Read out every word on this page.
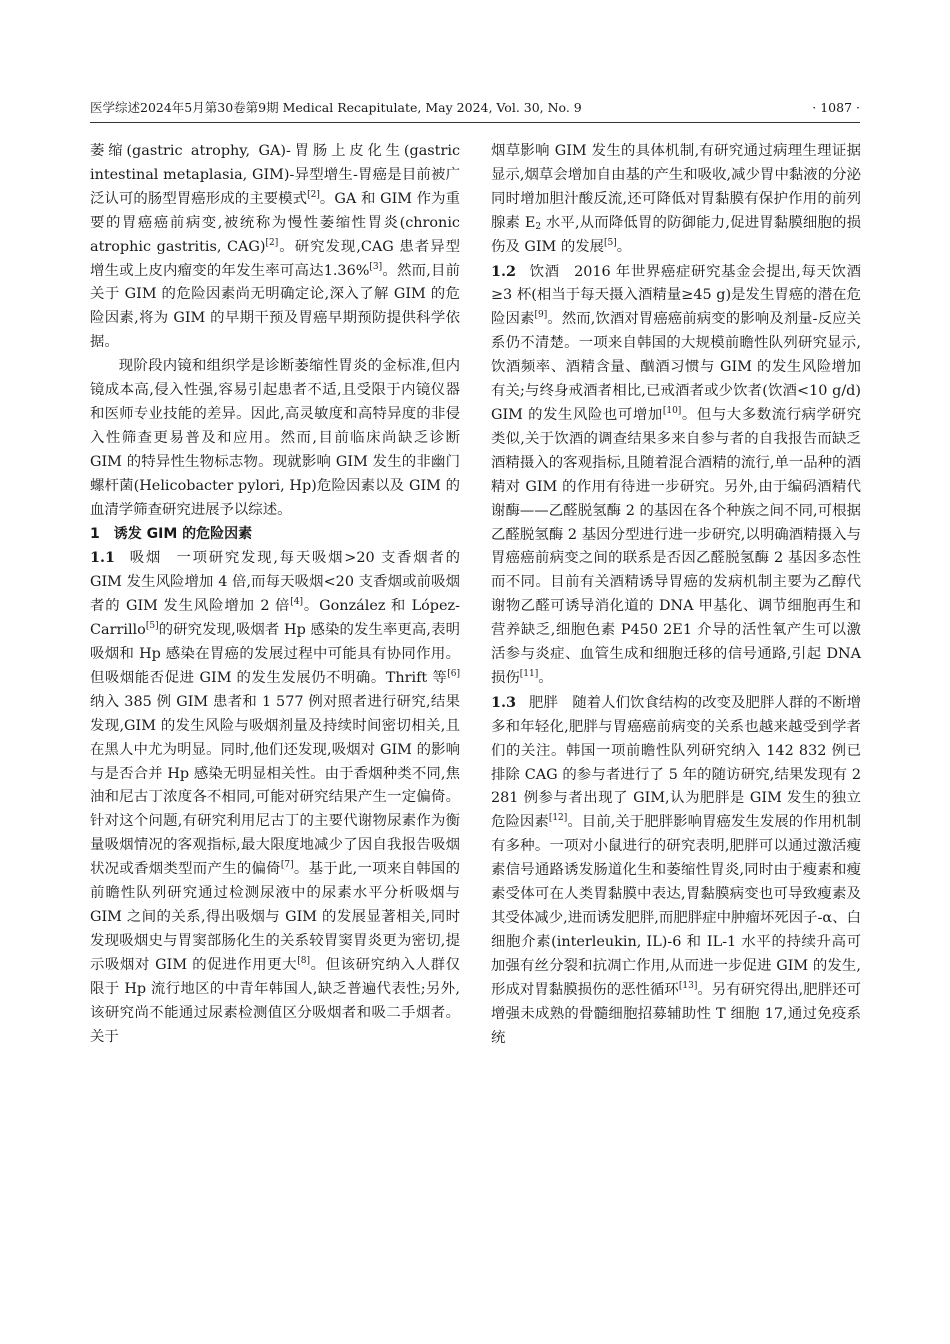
医学综述2024年5月第30卷第9期 Medical Recapitulate, May 2024, Vol. 30, No. 9	· 1087 ·

萎缩(gastric atrophy, GA)-胃肠上皮化生(gastric intestinal metaplasia, GIM)-异型增生-胃癌是目前被广泛认可的肠型胃癌形成的主要模式[2]。GA 和 GIM 作为重要的胃癌癌前病变,被统称为慢性萎缩性胃炎(chronic atrophic gastritis, CAG)[2]。研究发现,CAG 患者异型增生或上皮内瘤变的年发生率可高达1.36%[3]。然而,目前关于 GIM 的危险因素尚无明确定论,深入了解 GIM 的危险因素,将为 GIM 的早期干预及胃癌早期预防提供科学依据。

现阶段内镜和组织学是诊断萎缩性胃炎的金标准,但内镜成本高,侵入性强,容易引起患者不适,且受限于内镜仪器和医师专业技能的差异。因此,高灵敏度和高特异度的非侵入性筛查更易普及和应用。然而,目前临床尚缺乏诊断 GIM 的特异性生物标志物。现就影响 GIM 发生的非幽门螺杆菌(Helicobacter pylori, Hp)危险因素以及 GIM 的血清学筛查研究进展予以综述。

1　诱发 GIM 的危险因素

1.1 吸烟 一项研究发现,每天吸烟>20 支香烟者的 GIM 发生风险增加 4 倍,而每天吸烟<20 支香烟或前吸烟者的 GIM 发生风险增加 2 倍[4]。González 和 López-Carrillo[5]的研究发现,吸烟者 Hp 感染的发生率更高,表明吸烟和 Hp 感染在胃癌的发展过程中可能具有协同作用。但吸烟能否促进 GIM 的发生发展仍不明确。Thrift 等[6]纳入 385 例 GIM 患者和 1 577 例对照者进行研究,结果发现,GIM 的发生风险与吸烟剂量及持续时间密切相关,且在黑人中尤为明显。同时,他们还发现,吸烟对 GIM 的影响与是否合并 Hp 感染无明显相关性。由于香烟种类不同,焦油和尼古丁浓度各不相同,可能对研究结果产生一定偏倚。针对这个问题,有研究利用尼古丁的主要代谢物尿素作为衡量吸烟情况的客观指标,最大限度地减少了因自我报告吸烟状况或香烟类型而产生的偏倚[7]。基于此,一项来自韩国的前瞻性队列研究通过检测尿液中的尿素水平分析吸烟与 GIM 之间的关系,得出吸烟与 GIM 的发展显著相关,同时发现吸烟史与胃窦部肠化生的关系较胃窦胃炎更为密切,提示吸烟对 GIM 的促进作用更大[8]。但该研究纳入人群仅限于 Hp 流行地区的中青年韩国人,缺乏普遍代表性;另外,该研究尚不能通过尿素检测值区分吸烟者和吸二手烟者。关于

烟草影响 GIM 发生的具体机制,有研究通过病理生理证据显示,烟草会增加自由基的产生和吸收,减少胃中黏液的分泌同时增加胆汁酸反流,还可降低对胃黏膜有保护作用的前列腺素 $E_2$ 水平,从而降低胃的防御能力,促进胃黏膜细胞的损伤及 GIM 的发展[5]。

1.2 饮酒 2016 年世界癌症研究基金会提出,每天饮酒≥3 杯(相当于每天摄入酒精量≥45 g)是发生胃癌的潜在危险因素[9]。然而,饮酒对胃癌癌前病变的影响及剂量-反应关系仍不清楚。一项来自韩国的大规模前瞻性队列研究显示,饮酒频率、酒精含量、酗酒习惯与 GIM 的发生风险增加有关;与终身戒酒者相比,已戒酒者或少饮者(饮酒<10 g/d) GIM 的发生风险也可增加[10]。但与大多数流行病学研究类似,关于饮酒的调查结果多来自参与者的自我报告而缺乏酒精摄入的客观指标,且随着混合酒精的流行,单一品种的酒精对 GIM 的作用有待进一步研究。另外,由于编码酒精代谢酶——乙醛脱氢酶 2 的基因在各个种族之间不同,可根据乙醛脱氢酶 2 基因分型进行进一步研究,以明确酒精摄入与胃癌癌前病变之间的联系是否因乙醛脱氢酶 2 基因多态性而不同。目前有关酒精诱导胃癌的发病机制主要为乙醇代谢物乙醛可诱导消化道的 DNA 甲基化、调节细胞再生和营养缺乏,细胞色素 P450 2E1 介导的活性氧产生可以激活参与炎症、血管生成和细胞迁移的信号通路,引起 DNA 损伤[11]。

1.3 肥胖 随着人们饮食结构的改变及肥胖人群的不断增多和年轻化,肥胖与胃癌癌前病变的关系也越来越受到学者们的关注。韩国一项前瞻性队列研究纳入 142 832 例已排除 CAG 的参与者进行了 5 年的随访研究,结果发现有 2 281 例参与者出现了 GIM,认为肥胖是 GIM 发生的独立危险因素[12]。目前,关于肥胖影响胃癌发生发展的作用机制有多种。一项对小鼠进行的研究表明,肥胖可以通过激活瘦素信号通路诱发肠道化生和萎缩性胃炎,同时由于瘦素和瘦素受体可在人类胃黏膜中表达,胃黏膜病变也可导致瘦素及其受体减少,进而诱发肥胖,而肥胖症中肿瘤坏死因子-α、白细胞介素(interleukin, IL)-6 和 IL-1 水平的持续升高可加强有丝分裂和抗凋亡作用,从而进一步促进 GIM 的发生,形成对胃黏膜损伤的恶性循环[13]。另有研究得出,肥胖还可增强未成熟的骨髓细胞招募辅助性 T 细胞 17,通过免疫系统
